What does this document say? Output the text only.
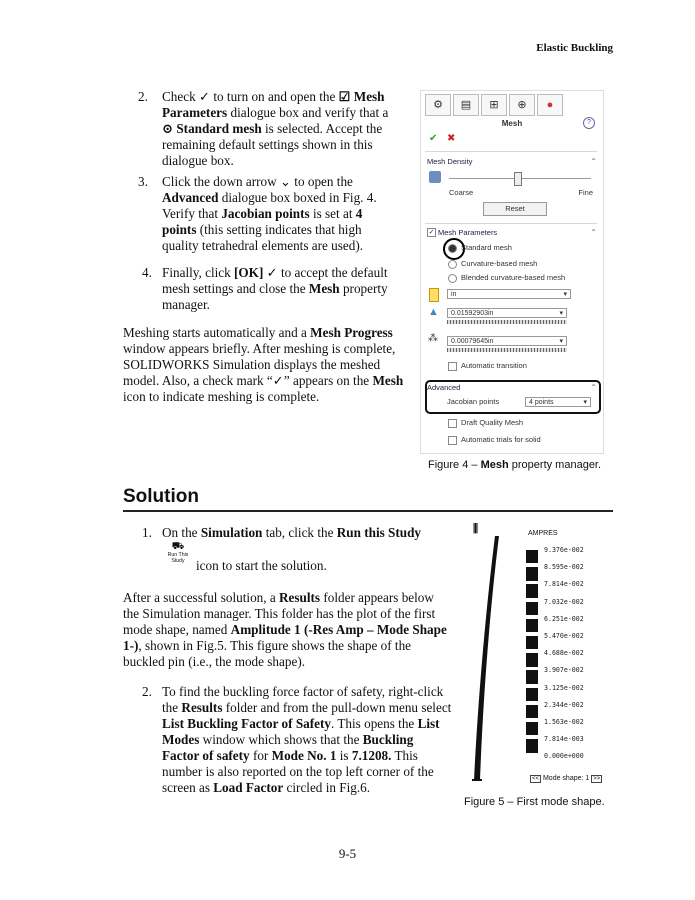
Elastic Buckling
2. Check ✓ to turn on and open the ☑ Mesh Parameters dialogue box and verify that a ⊙ Standard mesh is selected. Accept the remaining default settings shown in this dialogue box.
3. Click the down arrow ⌄ to open the Advanced dialogue box boxed in Fig. 4. Verify that Jacobian points is set at 4 points (this setting indicates that high quality tetrahedral elements are used).
4. Finally, click [OK] ✓ to accept the default mesh settings and close the Mesh property manager.
Meshing starts automatically and a Mesh Progress window appears briefly. After meshing is complete, SOLIDWORKS Simulation displays the meshed model. Also, a check mark “✓” appears on the Mesh icon to indicate meshing is complete.
⚙	▤	⊞	⊕	●
Mesh	?
✔ ✖
Mesh Density	⌃
Coarse	Fine
Reset
✓ Mesh Parameters	⌃
Standard mesh
Curvature-based mesh
Blended curvature-based mesh
in	▾
▲	0.01592903in	▾
⁂	0.00079645in	▾
Automatic transition
Advanced	⌃
Jacobian points	4 points	▾
Draft Quality Mesh
Automatic trials for solid
Figure 4 – Mesh property manager.
Solution
1. On the Simulation tab, click the Run this Study
⛟
Run This Study icon to start the solution.
After a successful solution, a Results folder appears below the Simulation manager. This folder has the plot of the first mode shape, named Amplitude 1 (-Res Amp – Mode Shape 1-), shown in Fig.5. This figure shows the shape of the buckled pin (i.e., the mode shape).
2. To find the buckling force factor of safety, right-click the Results folder and from the pull-down menu select List Buckling Factor of Safety. This opens the List Modes window which shows that the Buckling Factor of safety for Mode No. 1 is 7.1208. This number is also reported on the top left corner of the screen as Load Factor circled in Fig.6.
⫼	AMPRES
9.376e-002
8.595e-002
7.814e-002
7.032e-002
6.251e-002
5.470e-002
4.688e-002
3.907e-002
3.125e-002
2.344e-002
1.563e-002
7.814e-003
0.000e+000
<< Mode shape: 1 >>
Figure 5 – First mode shape.
9-5
